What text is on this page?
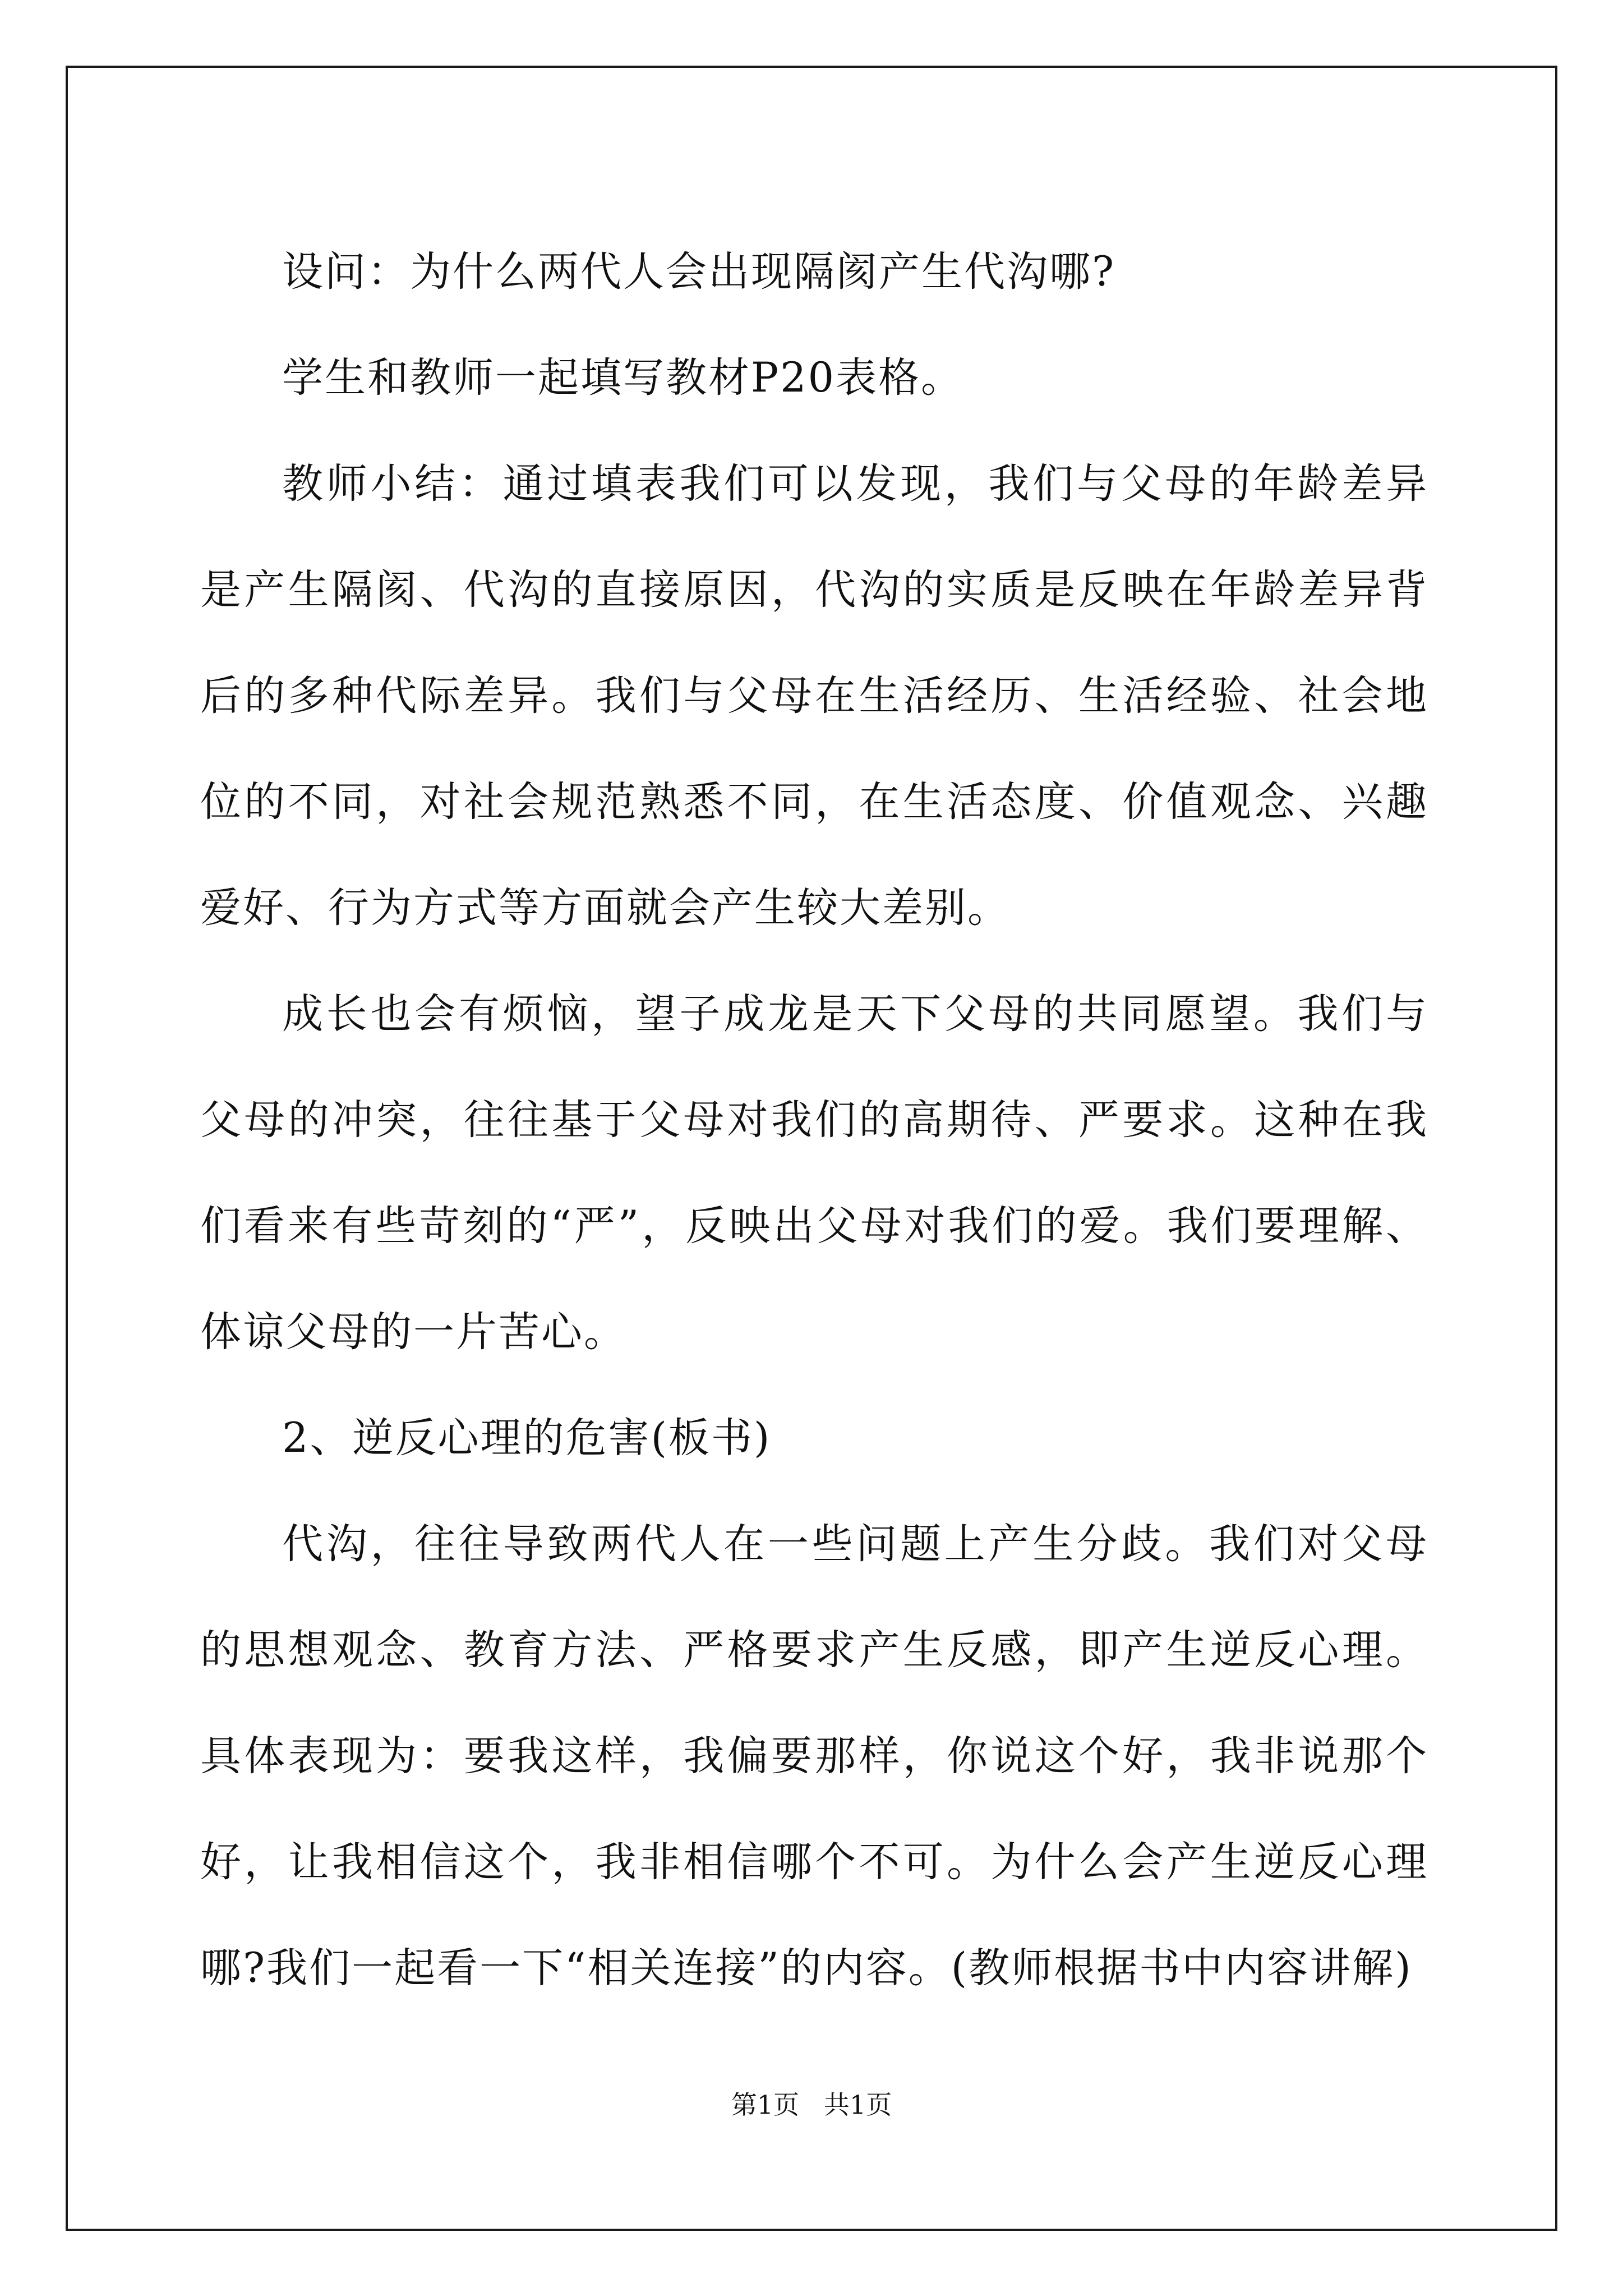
设问：为什么两代人会出现隔阂产生代沟哪?

学生和教师一起填写教材P20表格。

教师小结：通过填表我们可以发现，我们与父母的年龄差异是产生隔阂、代沟的直接原因，代沟的实质是反映在年龄差异背后的多种代际差异。我们与父母在生活经历、生活经验、社会地位的不同，对社会规范熟悉不同，在生活态度、价值观念、兴趣爱好、行为方式等方面就会产生较大差别。

成长也会有烦恼，望子成龙是天下父母的共同愿望。我们与父母的冲突，往往基于父母对我们的高期待、严要求。这种在我们看来有些苛刻的“严”，反映出父母对我们的爱。我们要理解、体谅父母的一片苦心。

2、逆反心理的危害(板书)

代沟，往往导致两代人在一些问题上产生分歧。我们对父母的思想观念、教育方法、严格要求产生反感，即产生逆反心理。具体表现为：要我这样，我偏要那样，你说这个好，我非说那个好，让我相信这个，我非相信哪个不可。为什么会产生逆反心理哪?我们一起看一下“相关连接”的内容。(教师根据书中内容讲解)

第1页   共1页
